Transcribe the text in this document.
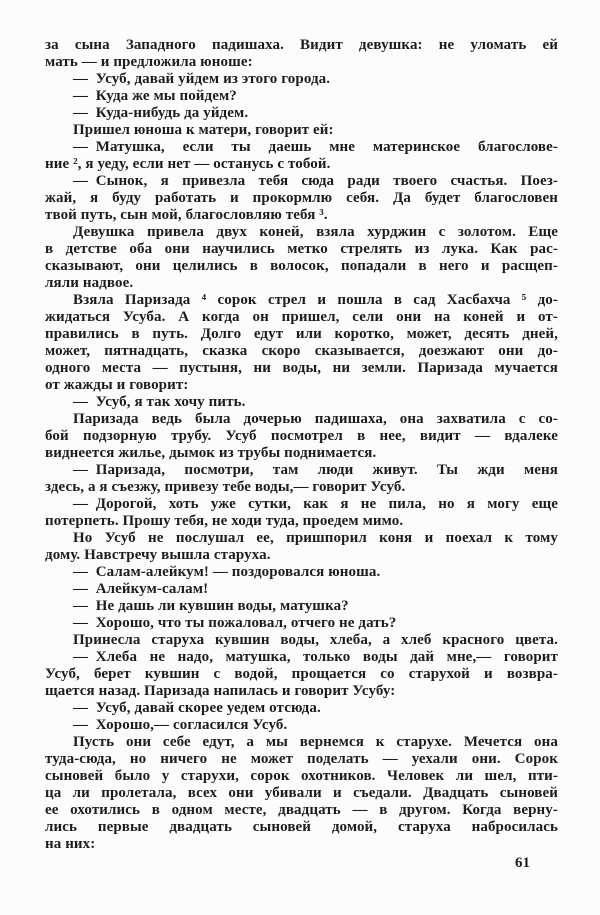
за сына Западного падишаха. Видит девушка: не уломать ей
мать — и предложила юноше:
— Усуб, давай уйдем из этого города.
— Куда же мы пойдем?
— Куда-нибудь да уйдем.
Пришел юноша к матери, говорит ей:
— Матушка, если ты даешь мне материнское благослове-
ние ², я уеду, если нет — останусь с тобой.
— Сынок, я привезла тебя сюда ради твоего счастья. Поез-
жай, я буду работать и прокормлю себя. Да будет благословен
твой путь, сын мой, благословляю тебя ³.
Девушка привела двух коней, взяла хурджин с золотом. Еще
в детстве оба они научились метко стрелять из лука. Как рас-
сказывают, они целились в волосок, попадали в него и расщеп-
ляли надвое.
Взяла Паризада ⁴ сорок стрел и пошла в сад Хасбахча ⁵ до-
жидаться Усуба. А когда он пришел, сели они на коней и от-
правились в путь. Долго едут или коротко, может, десять дней,
может, пятнадцать, сказка скоро сказывается, доезжают они до-
одного места — пустыня, ни воды, ни земли. Паризада мучается
от жажды и говорит:
— Усуб, я так хочу пить.
Паризада ведь была дочерью падишаха, она захватила с со-
бой подзорную трубу. Усуб посмотрел в нее, видит — вдалеке
виднеется жилье, дымок из трубы поднимается.
— Паризада, посмотри, там люди живут. Ты жди меня
здесь, а я съезжу, привезу тебе воды,— говорит Усуб.
— Дорогой, хоть уже сутки, как я не пила, но я могу еще
потерпеть. Прошу тебя, не ходи туда, проедем мимо.
Но Усуб не послушал ее, пришпорил коня и поехал к тому
дому. Навстречу вышла старуха.
— Салам-алейкум! — поздоровался юноша.
— Алейкум-салам!
— Не дашь ли кувшин воды, матушка?
— Хорошо, что ты пожаловал, отчего не дать?
Принесла старуха кувшин воды, хлеба, а хлеб красного цвета.
— Хлеба не надо, матушка, только воды дай мне,— говорит
Усуб, берет кувшин с водой, прощается со старухой и возвра-
щается назад. Паризада напилась и говорит Усубу:
— Усуб, давай скорее уедем отсюда.
— Хорошо,— согласился Усуб.
Пусть они себе едут, а мы вернемся к старухе. Мечется она
туда-сюда, но ничего не может поделать — уехали они. Сорок
сыновей было у старухи, сорок охотников. Человек ли шел, пти-
ца ли пролетала, всех они убивали и съедали. Двадцать сыновей
ее охотились в одном месте, двадцать — в другом. Когда верну-
лись первые двадцать сыновей домой, старуха набросилась
на них:
61
